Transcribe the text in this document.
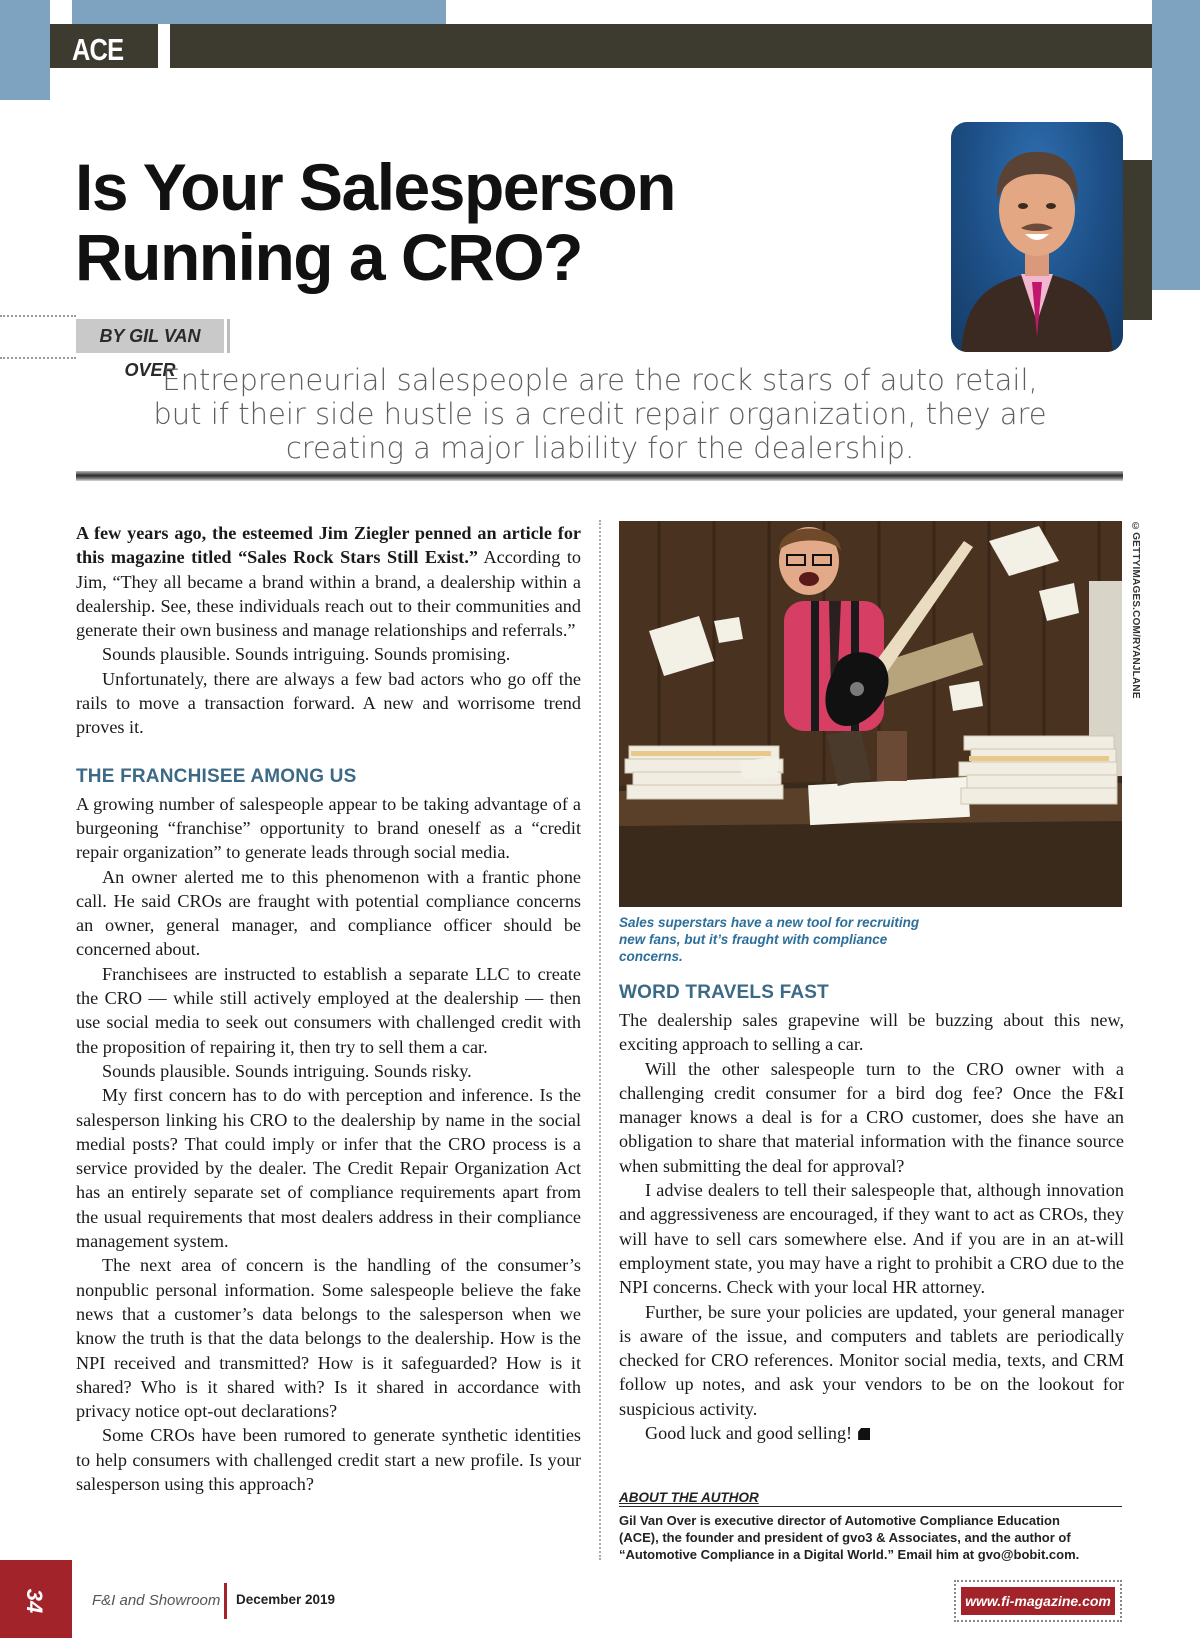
ACE
Is Your Salesperson
Running a CRO?
BY GIL VAN OVER

Entrepreneurial salespeople are the rock stars of auto retail, but if their side hustle is a credit repair organization, they are creating a major liability for the dealership.

A few years ago, the esteemed Jim Ziegler penned an article for this magazine titled “Sales Rock Stars Still Exist.” According to Jim, “They all became a brand within a brand, a dealership within a dealership. See, these individuals reach out to their communities and generate their own business and manage relationships and referrals.”

Sounds plausible. Sounds intriguing. Sounds promising.

Unfortunately, there are always a few bad actors who go off the rails to move a transaction forward. A new and worrisome trend proves it.

THE FRANCHISEE AMONG US

A growing number of salespeople appear to be taking advantage of a burgeoning “franchise” opportunity to brand oneself as a “credit repair organization” to generate leads through social media.

An owner alerted me to this phenomenon with a frantic phone call. He said CROs are fraught with potential compliance concerns an owner, general manager, and compliance officer should be concerned about.

Franchisees are instructed to establish a separate LLC to create the CRO — while still actively employed at the dealership — then use social media to seek out consumers with challenged credit with the proposition of repairing it, then try to sell them a car.

Sounds plausible. Sounds intriguing. Sounds risky.

My first concern has to do with perception and inference. Is the salesperson linking his CRO to the dealership by name in the social medial posts? That could imply or infer that the CRO process is a service provided by the dealer. The Credit Repair Organization Act has an entirely separate set of compliance requirements apart from the usual requirements that most dealers address in their compliance management system.

The next area of concern is the handling of the consumer’s nonpublic personal information. Some salespeople believe the fake news that a customer’s data belongs to the salesperson when we know the truth is that the data belongs to the dealership. How is the NPI received and transmitted? How is it safeguarded? How is it shared? Who is it shared with? Is it shared in accordance with privacy notice opt-out declarations?

Some CROs have been rumored to generate synthetic identities to help consumers with challenged credit start a new profile. Is your salesperson using this approach?

©GETTYIMAGES.COM/RYANJLANE

Sales superstars have a new tool for recruiting new fans, but it’s fraught with compliance concerns.

WORD TRAVELS FAST

The dealership sales grapevine will be buzzing about this new, exciting approach to selling a car.

Will the other salespeople turn to the CRO owner with a challenging credit consumer for a bird dog fee? Once the F&I manager knows a deal is for a CRO customer, does she have an obligation to share that material information with the finance source when submitting the deal for approval?

I advise dealers to tell their salespeople that, although innovation and aggressiveness are encouraged, if they want to act as CROs, they will have to sell cars somewhere else. And if you are in an at-will employment state, you may have a right to prohibit a CRO due to the NPI concerns. Check with your local HR attorney.

Further, be sure your policies are updated, your general manager is aware of the issue, and computers and tablets are periodically checked for CRO references. Monitor social media, texts, and CRM follow up notes, and ask your vendors to be on the lookout for suspicious activity.

Good luck and good selling!

ABOUT THE AUTHOR

Gil Van Over is executive director of Automotive Compliance Education (ACE), the founder and president of gvo3 & Associates, and the author of “Automotive Compliance in a Digital World.” Email him at gvo@bobit.com.

34	F&I and Showroom December 2019	www.fi-magazine.com
